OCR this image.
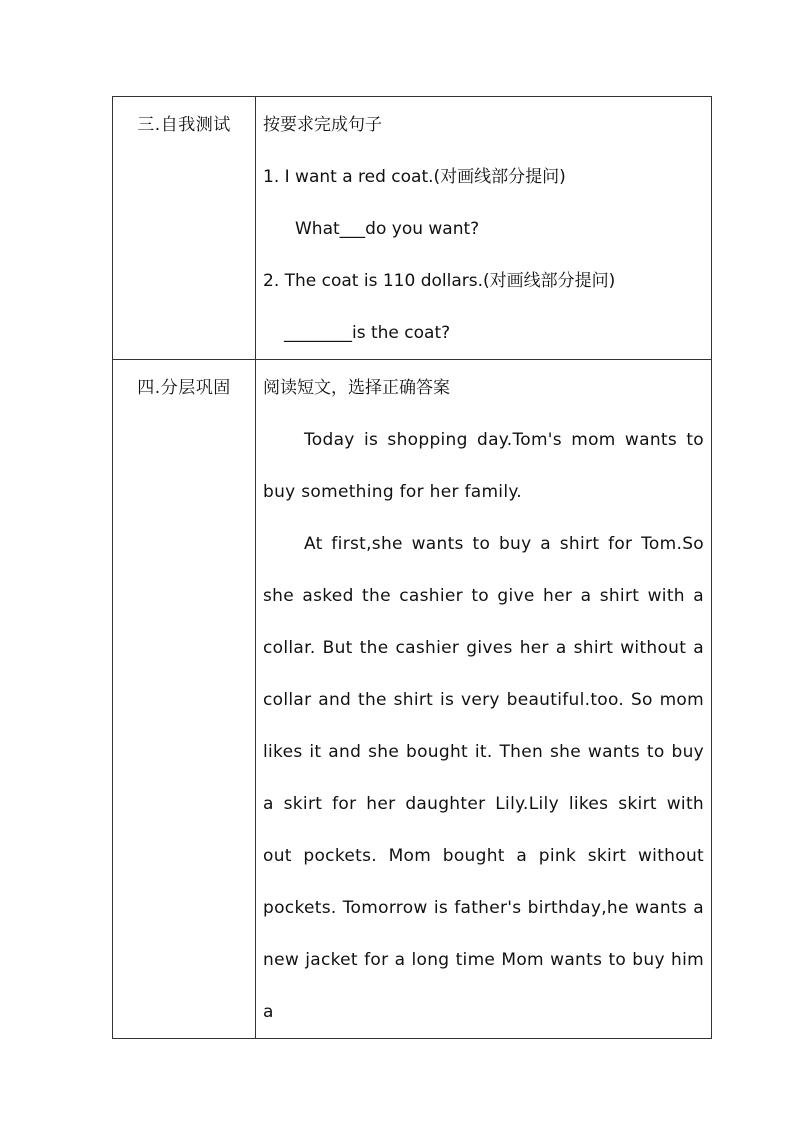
三.自我测试	按要求完成句子
1. I want a red coat.(对画线部分提问)
What___do you want?
2. The coat is 110 dollars.(对画线部分提问)
________is the coat?

四.分层巩固	阅读短文，选择正确答案

Today is shopping day.Tom's mom wants to buy something for her family.

At first,she wants to buy a shirt for Tom.So she asked the cashier to give her a shirt with a collar. But the cashier gives her a shirt without a collar and the shirt is very beautiful.too. So mom likes it and she bought it. Then she wants to buy a skirt for her daughter Lily.Lily likes skirt with out pockets. Mom bought a pink skirt without pockets. Tomorrow is father's birthday,he wants a new jacket for a long time Mom wants to buy him a
